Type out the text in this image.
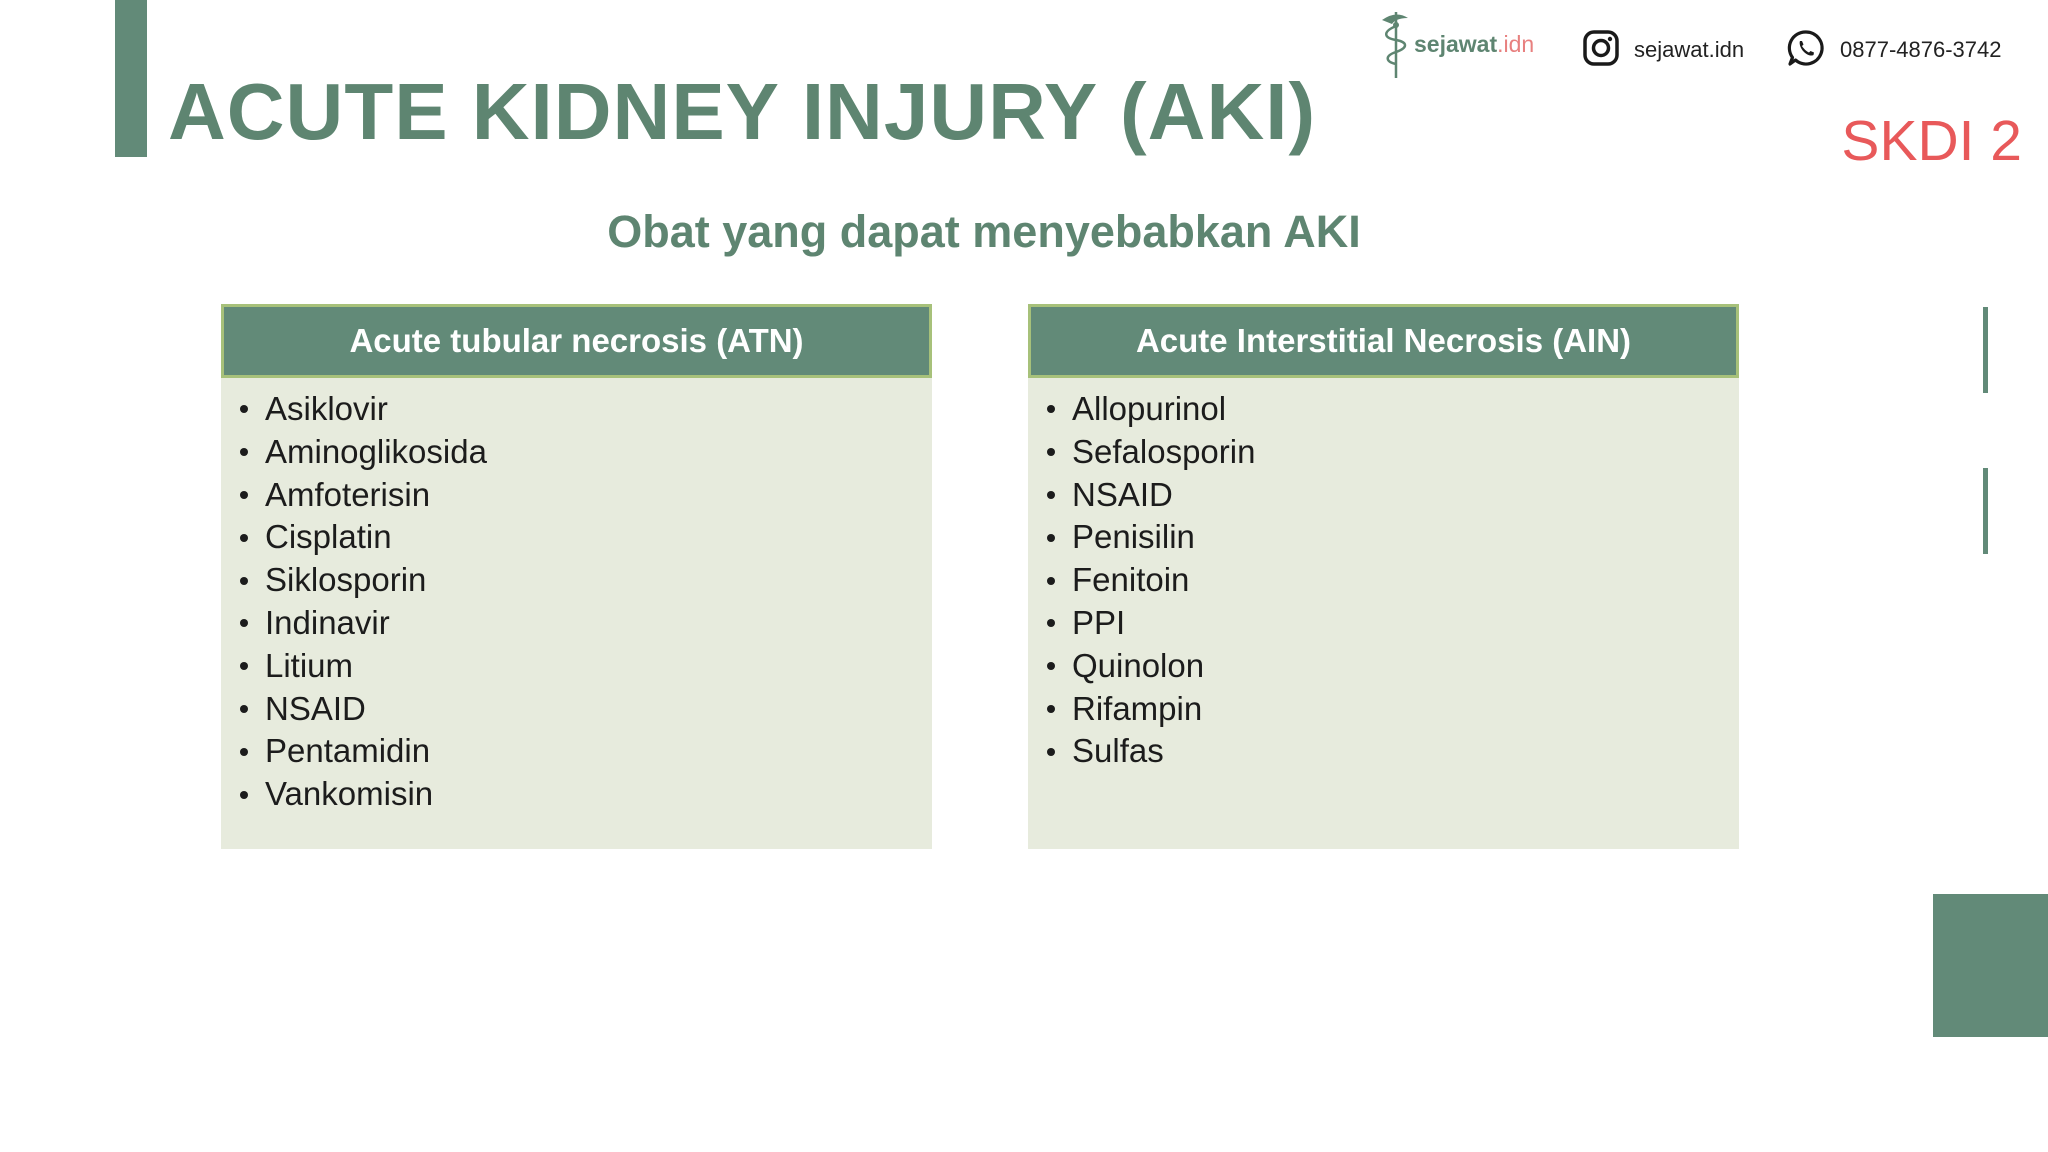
ACUTE KIDNEY INJURY (AKI)	SKDI 2
sejawat.idn	sejawat.idn	0877-4876-3742
Obat yang dapat menyebabkan AKI
Acute tubular necrosis (ATN)
Asiklovir
Aminoglikosida
Amfoterisin
Cisplatin
Siklosporin
Indinavir
Litium
NSAID
Pentamidin
Vankomisin
Acute Interstitial Necrosis (AIN)
Allopurinol
Sefalosporin
NSAID
Penisilin
Fenitoin
PPI
Quinolon
Rifampin
Sulfas
